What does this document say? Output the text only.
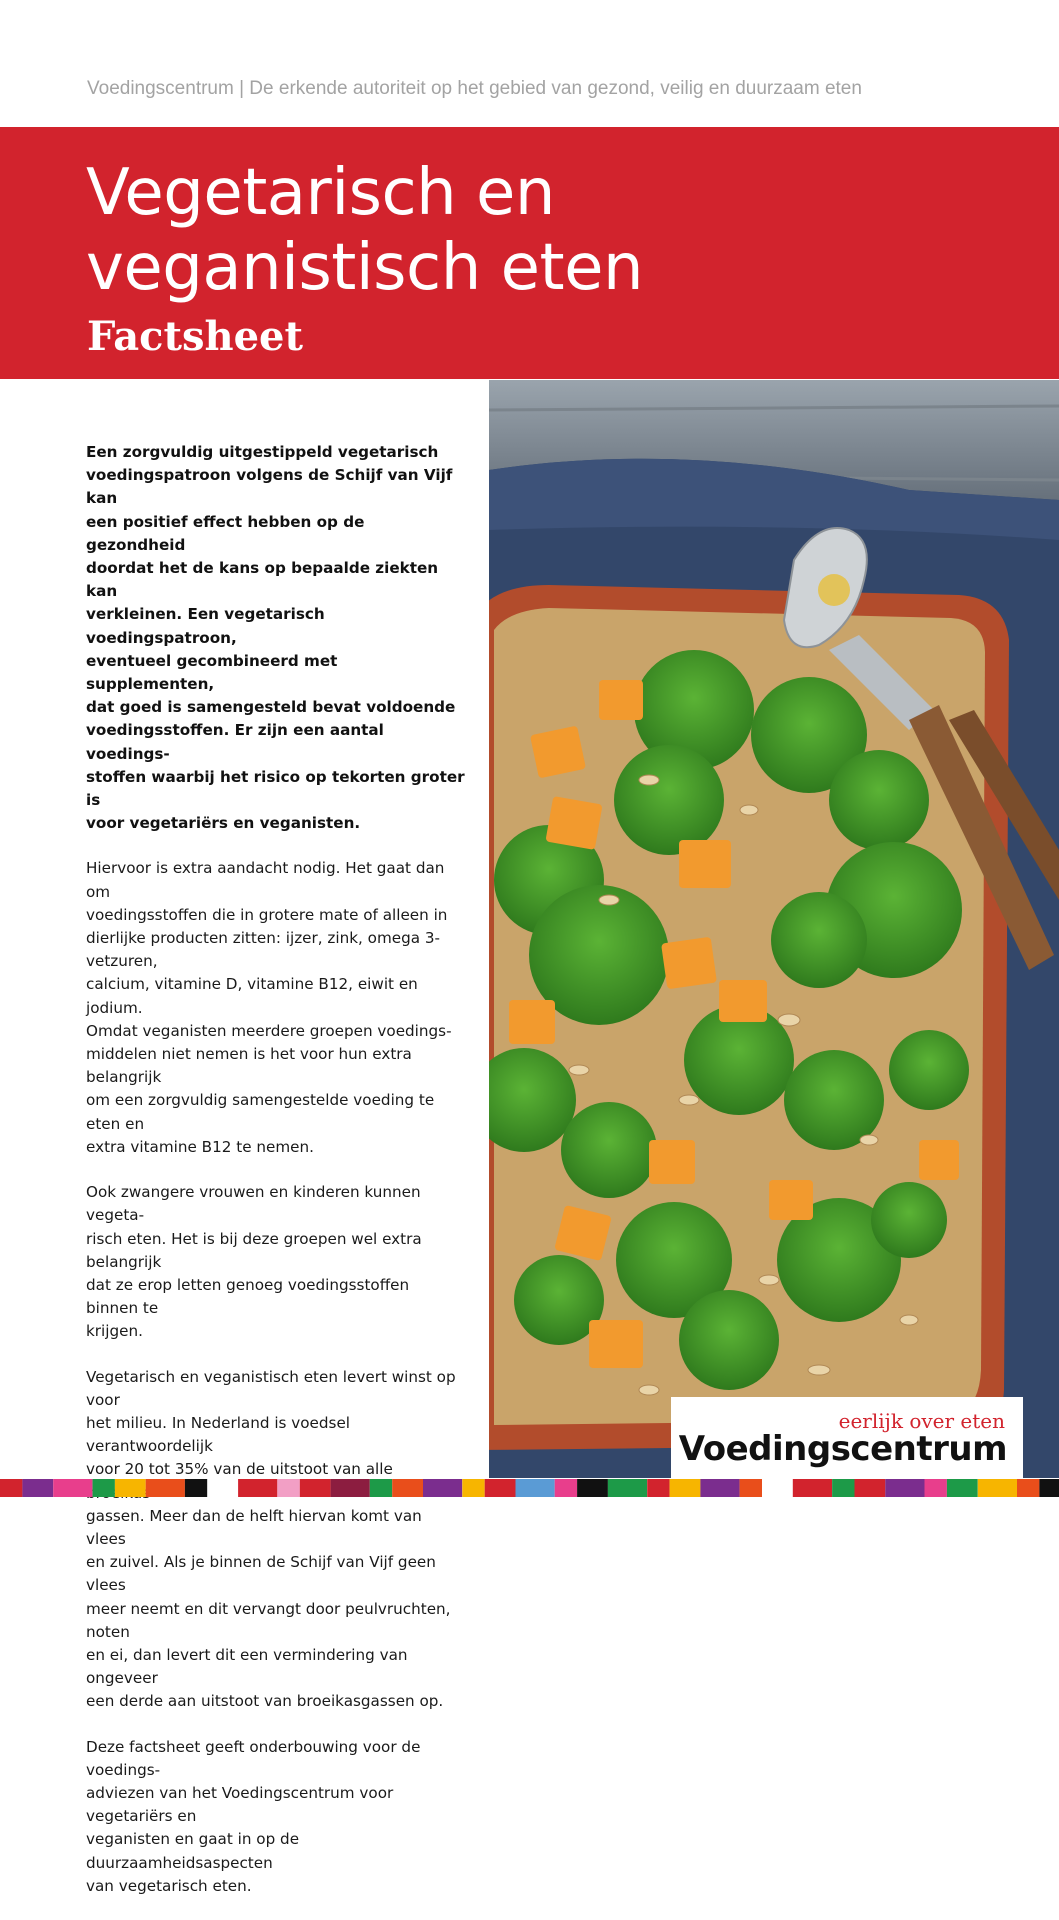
Voedingscentrum | De erkende autoriteit op het gebied van gezond, veilig en duurzaam eten
Vegetarisch en
veganistisch eten
Factsheet

Een zorgvuldig uitgestippeld vegetarisch
voedingspatroon volgens de Schijf van Vijf kan
een positief effect hebben op de gezondheid
doordat het de kans op bepaalde ziekten kan
verkleinen. Een vegetarisch voedingspatroon,
eventueel gecombineerd met supplementen,
dat goed is samengesteld bevat voldoende
voedingsstoffen. Er zijn een aantal voedings-
stoffen waarbij het risico op tekorten groter is
voor vegetariërs en veganisten.

Hiervoor is extra aandacht nodig. Het gaat dan om
voedingsstoffen die in grotere mate of alleen in
dierlijke producten zitten: ijzer, zink, omega 3-vetzuren,
calcium, vitamine D, vitamine B12, eiwit en jodium.
Omdat veganisten meerdere groepen voedings-
middelen niet nemen is het voor hun extra belangrijk
om een zorgvuldig samengestelde voeding te eten en
extra vitamine B12 te nemen.

Ook zwangere vrouwen en kinderen kunnen vegeta-
risch eten. Het is bij deze groepen wel extra belangrijk
dat ze erop letten genoeg voedingsstoffen binnen te
krijgen.

Vegetarisch en veganistisch eten levert winst op voor
het milieu. In Nederland is voedsel verantwoordelijk
voor 20 tot 35% van de uitstoot van alle
gassen. Meer dan de helft hiervan komt van vlees
en zuivel. Als je binnen de Schijf van Vijf geen vlees
meer neemt en dit vervangt door peulvruchten, noten
en ei, dan levert dit een vermindering van ongeveer
een derde aan uitstoot van broeikasgassen op.

Deze factsheet geeft onderbouwing voor de voedings-
adviezen van het Voedingscentrum voor vegetariërs en
veganisten en gaat in op de duurzaamheidsaspecten
van vegetarisch eten.

eerlijk over eten
Voedingscentrum
